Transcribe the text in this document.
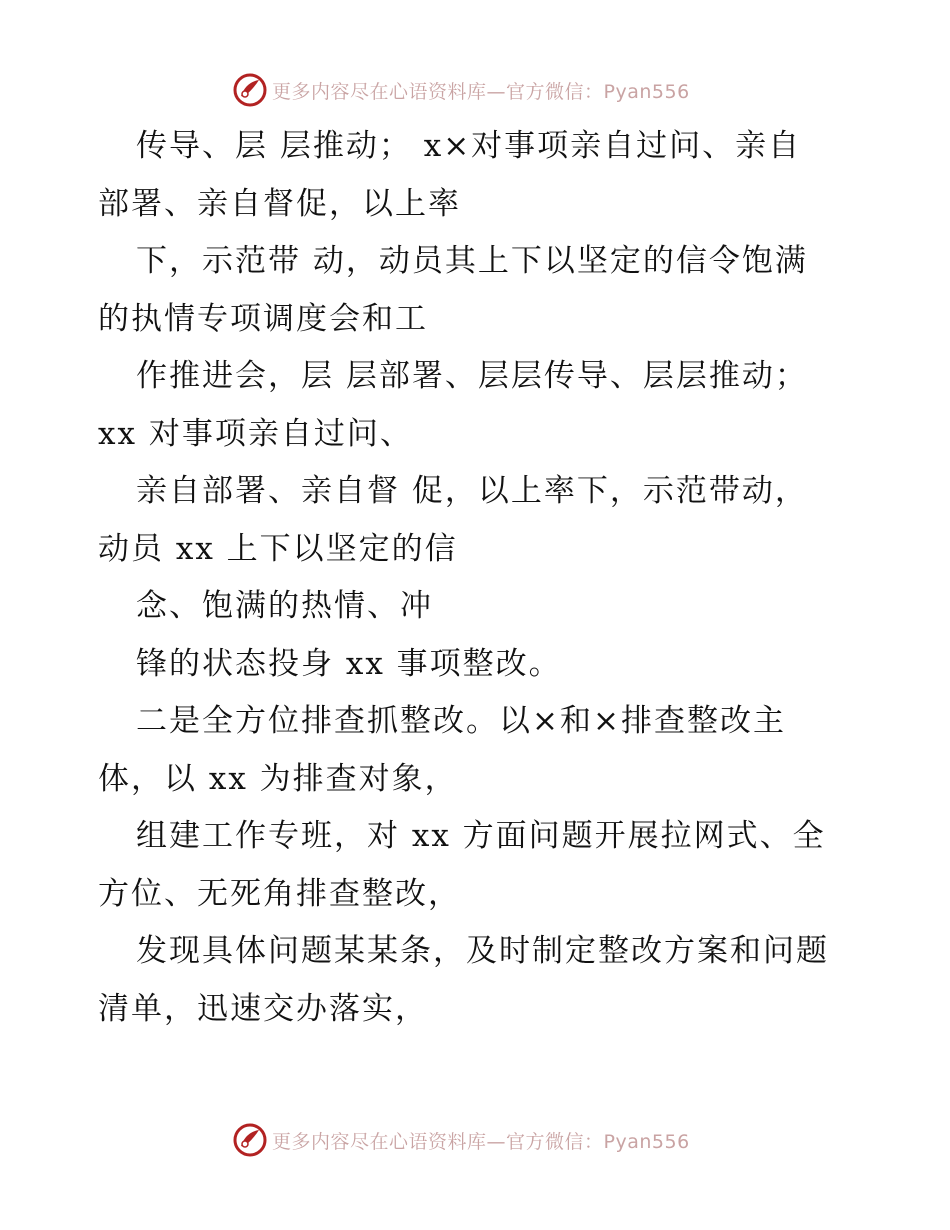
更多内容尽在心语资料库—官方微信：Pyan556

传导、层 层推动； x×对事项亲自过问、亲自

部署、亲自督促，以上率

下，示范带 动，动员其上下以坚定的信令饱满

的执情专项调度会和工

作推进会，层 层部署、层层传导、层层推动；

xx 对事项亲自过问、

亲自部署、亲自督 促，以上率下，示范带动，

动员 xx 上下以坚定的信

念、饱满的热情、冲

锋的状态投身 xx 事项整改。

二是全方位排查抓整改。以×和×排查整改主

体，以 xx 为排查对象，

组建工作专班，对 xx 方面问题开展拉网式、全

方位、无死角排查整改，

发现具体问题某某条，及时制定整改方案和问题

清单，迅速交办落实，

更多内容尽在心语资料库—官方微信：Pyan556
